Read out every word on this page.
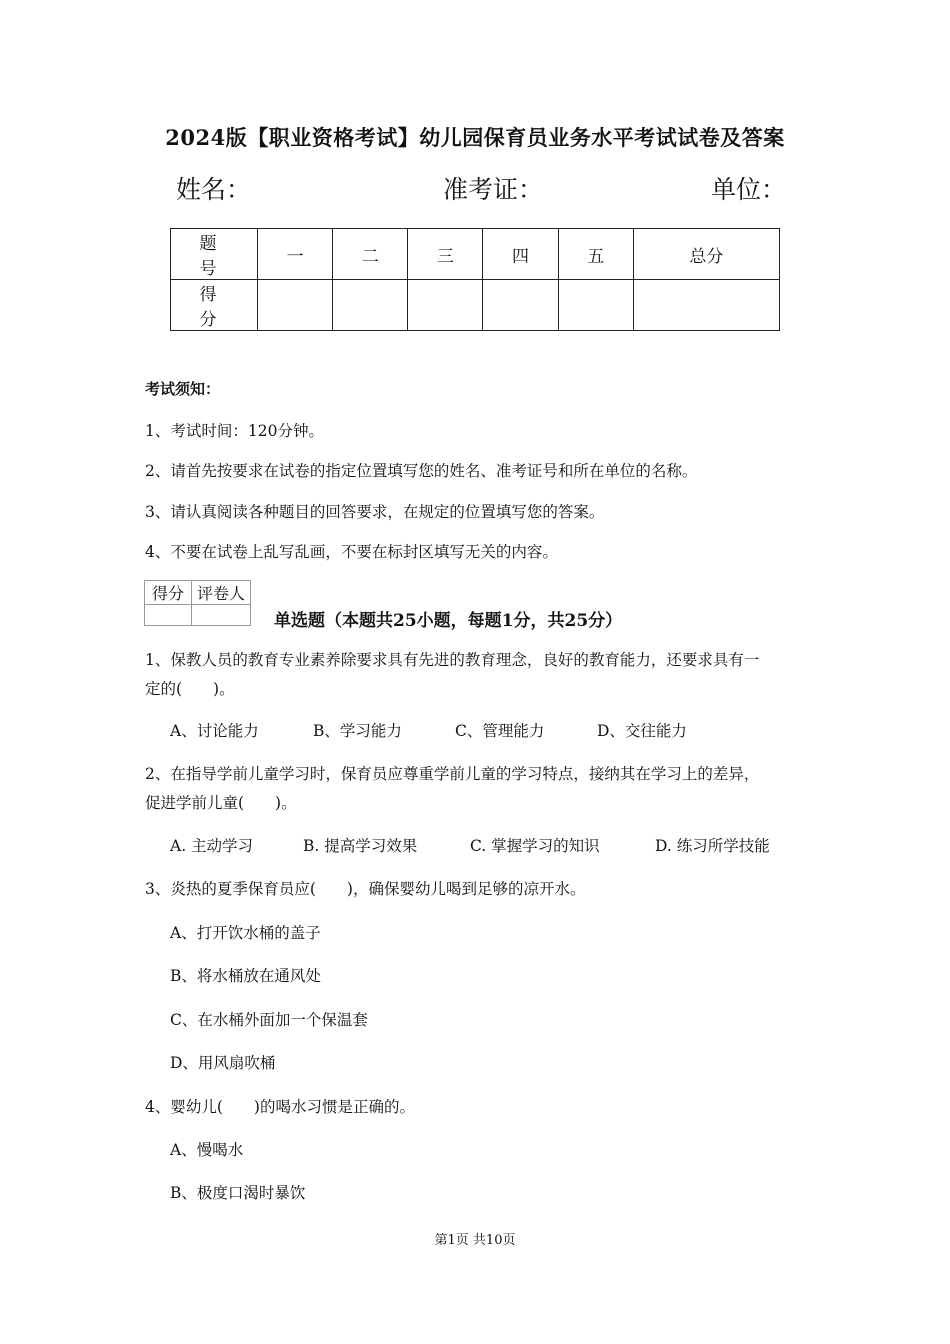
2024版【职业资格考试】幼儿园保育员业务水平考试试卷及答案
姓名：	准考证：	单位：
题　号	一	二	三	四	五	总分
得　分						
考试须知：
1、考试时间：120分钟。
2、请首先按要求在试卷的指定位置填写您的姓名、准考证号和所在单位的名称。
3、请认真阅读各种题目的回答要求，在规定的位置填写您的答案。
4、不要在试卷上乱写乱画，不要在标封区填写无关的内容。
得分	评卷人

单选题（本题共25小题，每题1分，共25分）
1、保教人员的教育专业素养除要求具有先进的教育理念，良好的教育能力，还要求具有一
定的(　　)。
A、讨论能力	B、学习能力	C、管理能力	D、交往能力
2、在指导学前儿童学习时，保育员应尊重学前儿童的学习特点，接纳其在学习上的差异，
促进学前儿童(　　)。
A. 主动学习	B. 提高学习效果	C. 掌握学习的知识	D. 练习所学技能
3、炎热的夏季保育员应(　　)，确保婴幼儿喝到足够的凉开水。
A、打开饮水桶的盖子
B、将水桶放在通风处
C、在水桶外面加一个保温套
D、用风扇吹桶
4、婴幼儿(　　)的喝水习惯是正确的。
A、慢喝水
B、极度口渴时暴饮
第1页 共10页
